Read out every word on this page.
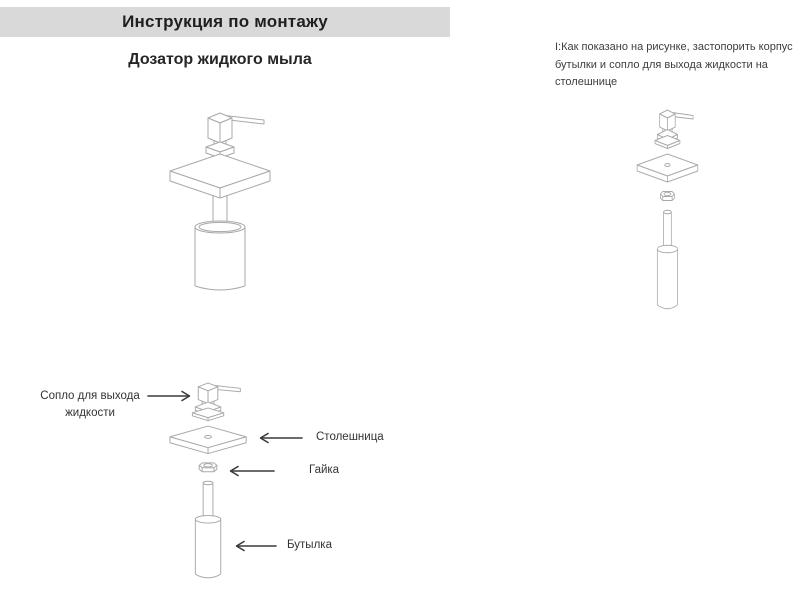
Инструкция по монтажу
Дозатор жидкого мыла
I:Как показано на рисунке, застопорить корпус
бутылки и сопло для выхода жидкости на
столешнице
Сопло для выхода
жидкости
Столешница
Гайка
Бутылка
